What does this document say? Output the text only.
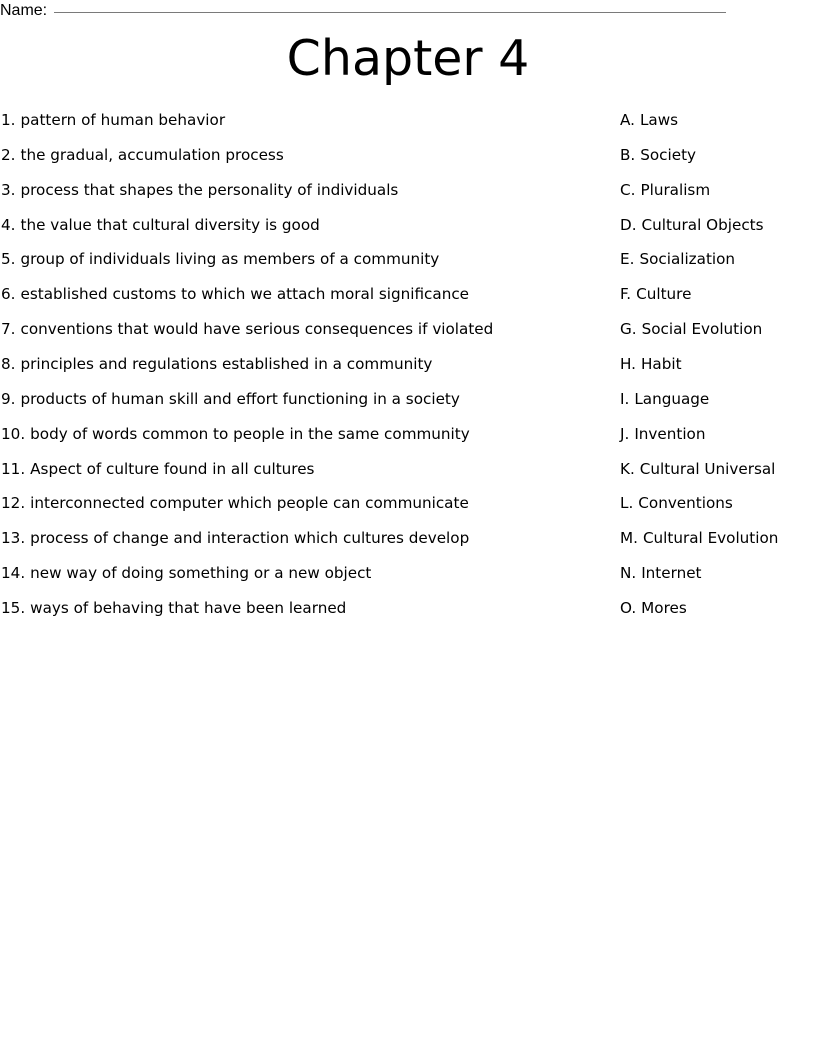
Name:
Chapter 4
1. pattern of human behavior	A. Laws
2. the gradual, accumulation process	B. Society
3. process that shapes the personality of individuals	C. Pluralism
4. the value that cultural diversity is good	D. Cultural Objects
5. group of individuals living as members of a community	E. Socialization
6. established customs to which we attach moral significance	F. Culture
7. conventions that would have serious consequences if violated	G. Social Evolution
8. principles and regulations established in a community	H. Habit
9. products of human skill and effort functioning in a society	I. Language
10. body of words common to people in the same community	J. Invention
11. Aspect of culture found in all cultures	K. Cultural Universal
12. interconnected computer which people can communicate	L. Conventions
13. process of change and interaction which cultures develop	M. Cultural Evolution
14. new way of doing something or a new object	N. Internet
15. ways of behaving that have been learned	O. Mores
